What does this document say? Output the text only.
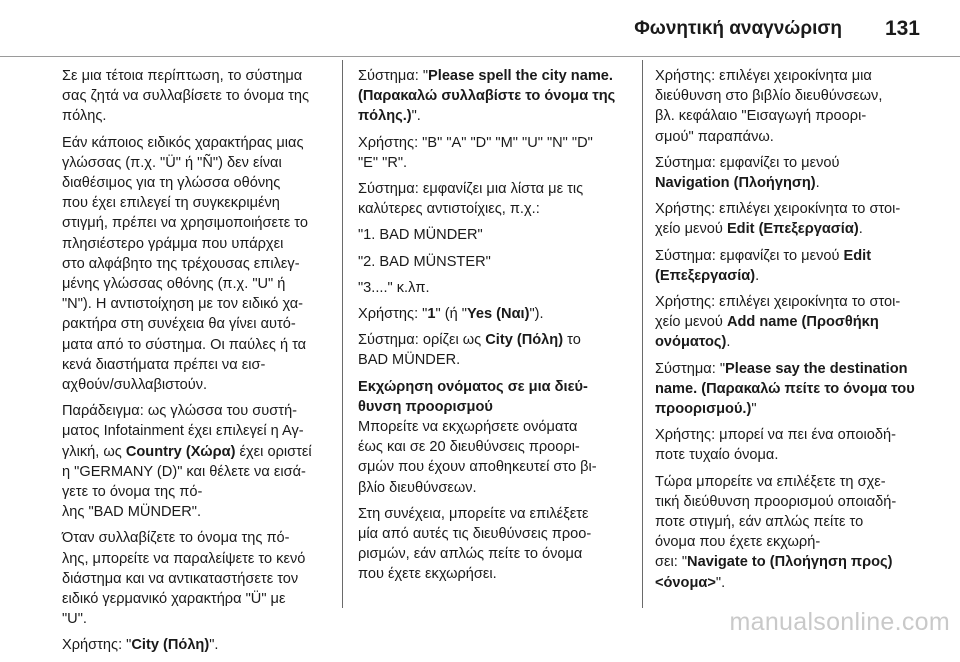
Φωνητική αναγνώριση 131

Σε μια τέτοια περίπτωση, το σύστημα
σας ζητά να συλλαβίσετε το όνομα της
πόλης.

Εάν κάποιος ειδικός χαρακτήρας μιας
γλώσσας (π.χ. "Ü" ή "Ñ") δεν είναι
διαθέσιμος για τη γλώσσα οθόνης
που έχει επιλεγεί τη συγκεκριμένη
στιγμή, πρέπει να χρησιμοποιήσετε το
πλησιέστερο γράμμα που υπάρχει
στο αλφάβητο της τρέχουσας επιλεγ-
μένης γλώσσας οθόνης (π.χ. "U" ή
"N"). Η αντιστοίχηση με τον ειδικό χα-
ρακτήρα στη συνέχεια θα γίνει αυτό-
ματα από το σύστημα. Οι παύλες ή τα
κενά διαστήματα πρέπει να εισ-
αχθούν/συλλαβιστούν.

Παράδειγμα: ως γλώσσα του συστή-
ματος Infotainment έχει επιλεγεί η Αγ-
γλική, ως Country (Χώρα) έχει οριστεί
η "GERMANY (D)" και θέλετε να εισά-
γετε το όνομα της πό-
λης "BAD MÜNDER".

Όταν συλλαβίζετε το όνομα της πό-
λης, μπορείτε να παραλείψετε το κενό
διάστημα και να αντικαταστήσετε τον
ειδικό γερμανικό χαρακτήρα "Ü" με
"U".

Χρήστης: "City (Πόλη)".

Σύστημα: "Please spell the city name.
(Παρακαλώ συλλαβίστε το όνομα της
πόλης.)".

Χρήστης: "B" "A" "D" "M" "U" "N" "D"
"E" "R".

Σύστημα: εμφανίζει μια λίστα με τις
καλύτερες αντιστοίχιες, π.χ.:

"1. BAD MÜNDER"

"2. BAD MÜNSTER"

"3...." κ.λπ.

Χρήστης: "1" (ή "Yes (Ναι)").

Σύστημα: ορίζει ως City (Πόλη) το
BAD MÜNDER.

Εκχώρηση ονόματος σε μια διεύ-
θυνση προορισμού

Μπορείτε να εκχωρήσετε ονόματα
έως και σε 20 διευθύνσεις προορι-
σμών που έχουν αποθηκευτεί στο βι-
βλίο διευθύνσεων.

Στη συνέχεια, μπορείτε να επιλέξετε
μία από αυτές τις διευθύνσεις προο-
ρισμών, εάν απλώς πείτε το όνομα
που έχετε εκχωρήσει.

Χρήστης: επιλέγει χειροκίνητα μια
διεύθυνση στο βιβλίο διευθύνσεων,
βλ. κεφάλαιο "Εισαγωγή προορι-
σμού" παραπάνω.

Σύστημα: εμφανίζει το μενού
Navigation (Πλοήγηση).

Χρήστης: επιλέγει χειροκίνητα το στοι-
χείο μενού Edit (Επεξεργασία).

Σύστημα: εμφανίζει το μενού Edit
(Επεξεργασία).

Χρήστης: επιλέγει χειροκίνητα το στοι-
χείο μενού Add name (Προσθήκη
ονόματος).

Σύστημα: "Please say the destination
name. (Παρακαλώ πείτε το όνομα του
προορισμού.)"

Χρήστης: μπορεί να πει ένα οποιοδή-
ποτε τυχαίο όνομα.

Τώρα μπορείτε να επιλέξετε τη σχε-
τική διεύθυνση προορισμού οποιαδή-
ποτε στιγμή, εάν απλώς πείτε το
όνομα που έχετε εκχωρή-
σει: "Navigate to (Πλοήγηση προς)
<όνομα>".

manualsonline.com
